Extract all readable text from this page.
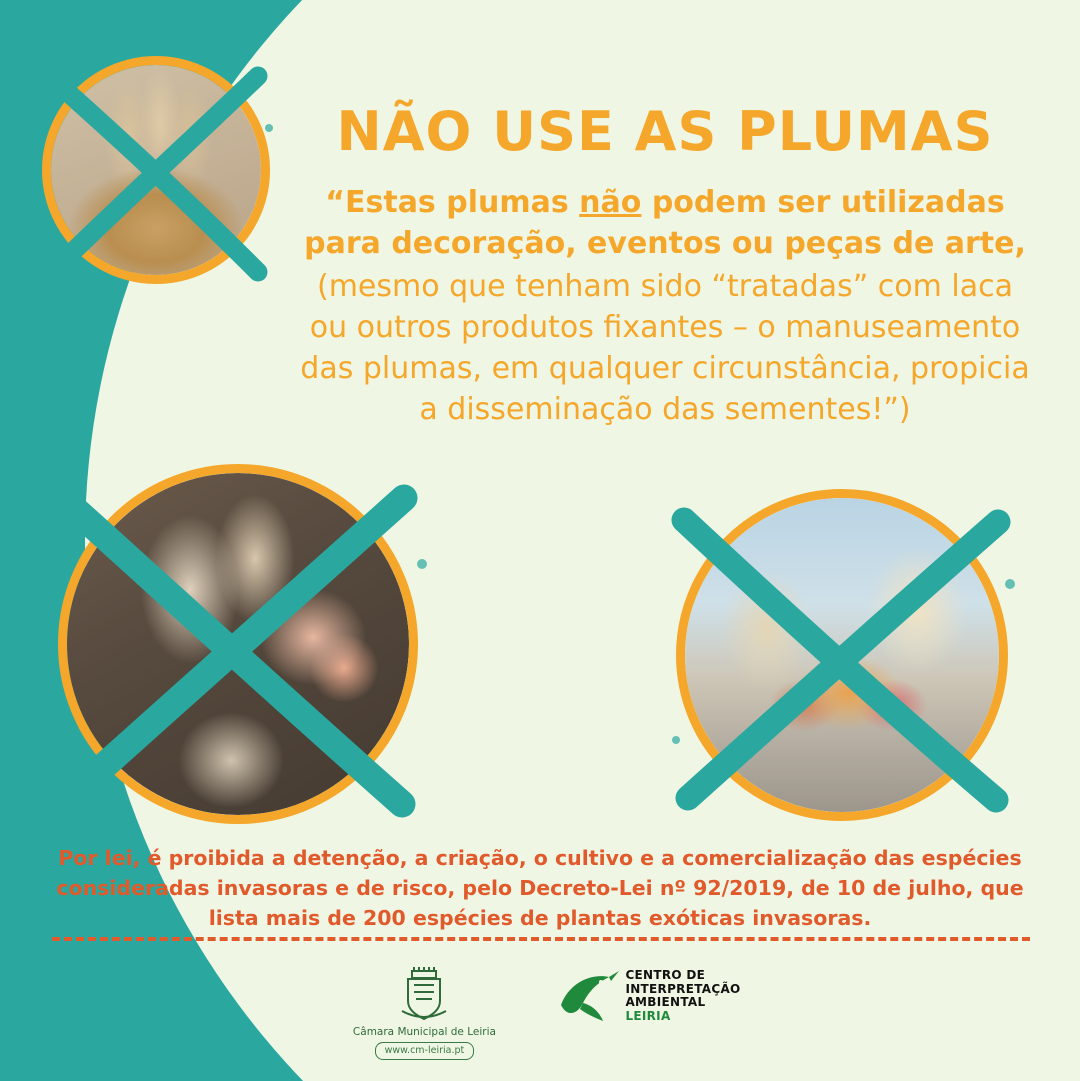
NÃO USE AS PLUMAS
“Estas plumas não podem ser utilizadas
para decoração, eventos ou peças de arte,
(mesmo que tenham sido “tratadas” com laca ou outros produtos fixantes – o manuseamento das plumas, em qualquer circunstância, propicia a disseminação das sementes!”)
Por lei, é proibida a detenção, a criação, o cultivo e a comercialização das espécies consideradas invasoras e de risco, pelo Decreto-Lei nº 92/2019, de 10 de julho, que lista mais de 200 espécies de plantas exóticas invasoras.
Câmara Municipal de Leiria
www.cm-leiria.pt
CENTRO DE
INTERPRETAÇÃO
AMBIENTAL
LEIRIA
